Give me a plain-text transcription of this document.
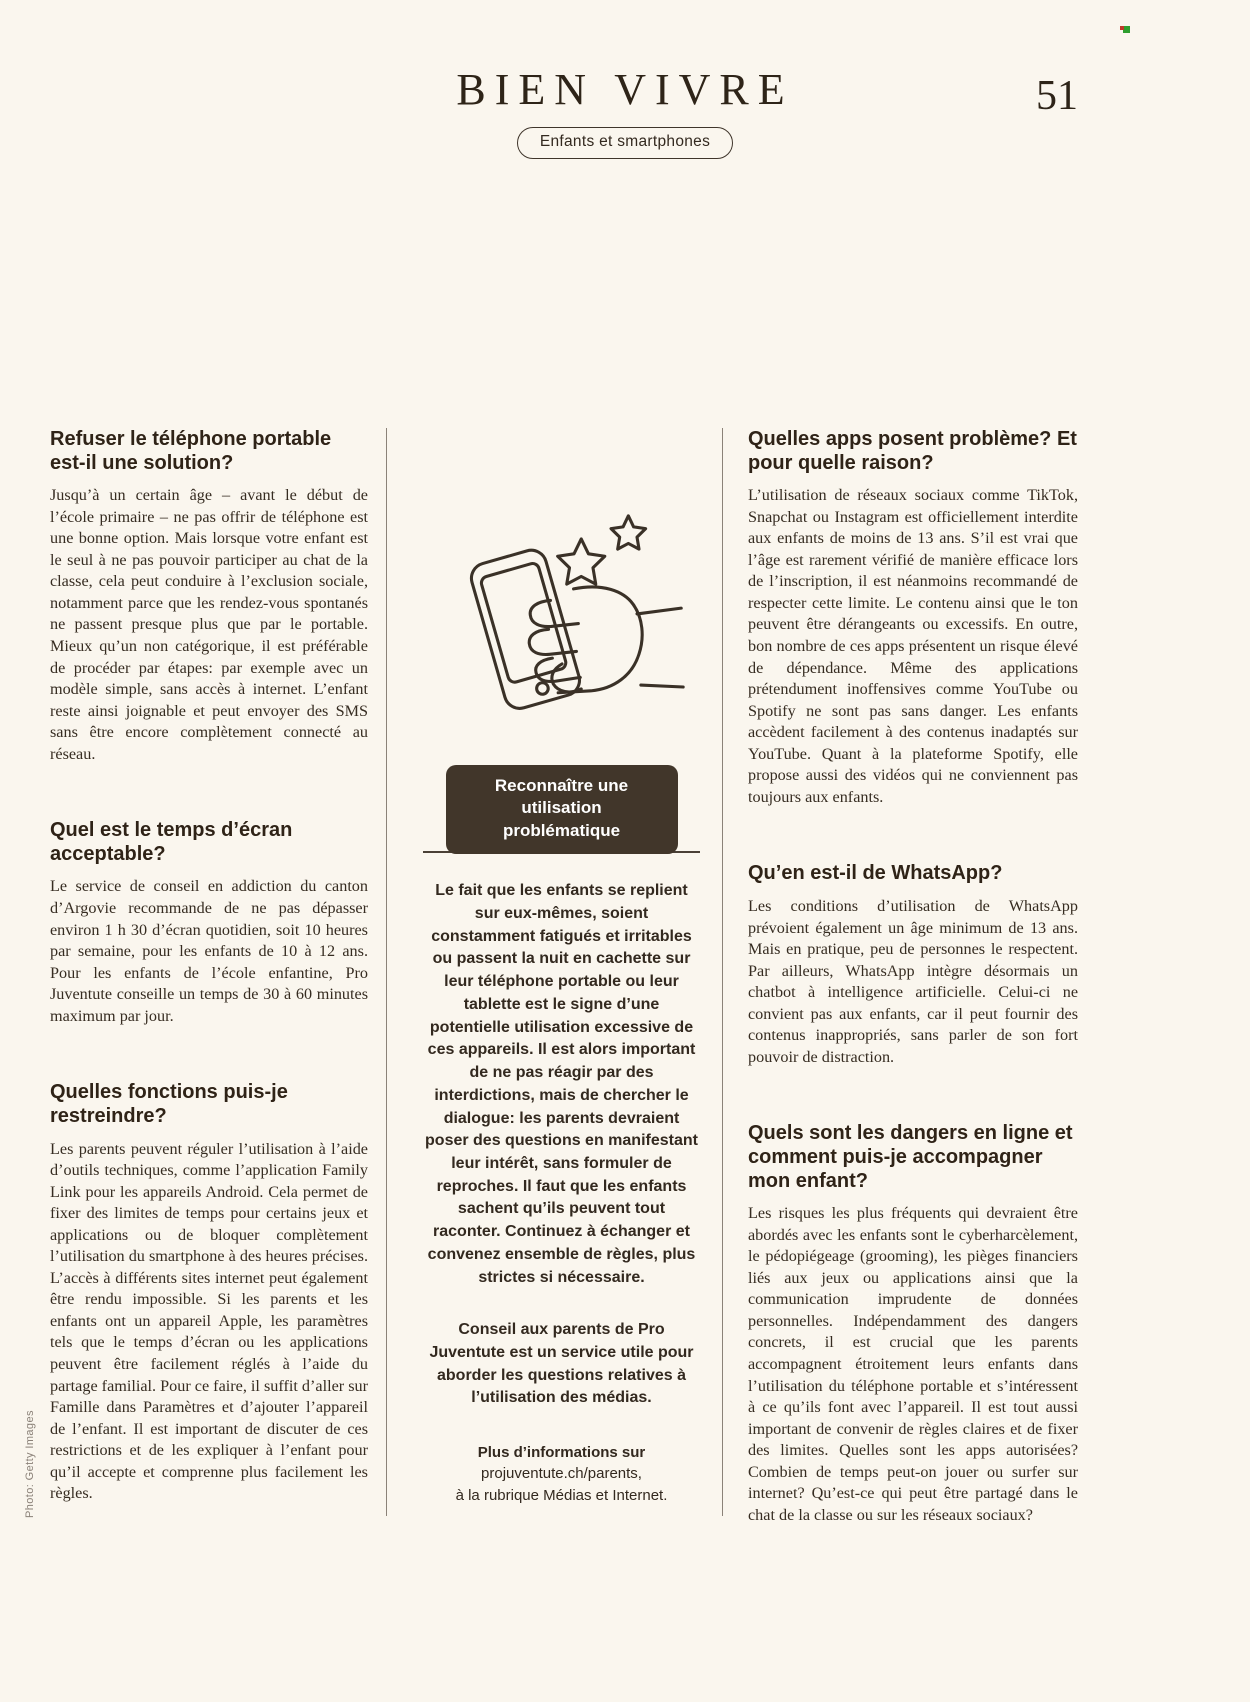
BIEN VIVRE
Enfants et smartphones
51
Photo: Getty Images
Refuser le téléphone portable est-il une solution?

Jusqu’à un certain âge – avant le début de l’école primaire – ne pas offrir de téléphone est une bonne option. Mais lorsque votre enfant est le seul à ne pas pouvoir participer au chat de la classe, cela peut conduire à l’exclusion sociale, notamment parce que les rendez-vous spontanés ne passent presque plus que par le portable. Mieux qu’un non catégorique, il est préférable de procéder par étapes: par exemple avec un modèle simple, sans accès à internet. L’enfant reste ainsi joignable et peut envoyer des SMS sans être encore complètement connecté au réseau.

Quel est le temps d’écran acceptable?

Le service de conseil en addiction du canton d’Argovie recommande de ne pas dépasser environ 1 h 30 d’écran quotidien, soit 10 heures par semaine, pour les enfants de 10 à 12 ans. Pour les enfants de l’école enfantine, Pro Juventute conseille un temps de 30 à 60 minutes maximum par jour.

Quelles fonctions puis-je restreindre?

Les parents peuvent réguler l’utilisation à l’aide d’outils techniques, comme l’application Family Link pour les appareils Android. Cela permet de fixer des limites de temps pour certains jeux et applications ou de bloquer complètement l’utilisation du smartphone à des heures précises. L’accès à différents sites internet peut également être rendu impossible. Si les parents et les enfants ont un appareil Apple, les paramètres tels que le temps d’écran ou les applications peuvent être facilement réglés à l’aide du partage familial. Pour ce faire, il suffit d’aller sur Famille dans Paramètres et d’ajouter l’appareil de l’enfant. Il est important de discuter de ces restrictions et de les expliquer à l’enfant pour qu’il accepte et comprenne plus facilement les règles.

Reconnaître une utilisation problématique

Le fait que les enfants se replient sur eux-mêmes, soient constamment fatigués et irritables ou passent la nuit en cachette sur leur téléphone portable ou leur tablette est le signe d’une potentielle utilisation excessive de ces appareils. Il est alors important de ne pas réagir par des interdictions, mais de chercher le dialogue: les parents devraient poser des questions en manifestant leur intérêt, sans formuler de reproches. Il faut que les enfants sachent qu’ils peuvent tout raconter. Continuez à échanger et convenez ensemble de règles, plus strictes si nécessaire.

Conseil aux parents de Pro Juventute est un service utile pour aborder les questions relatives à l’utilisation des médias.

Plus d’informations sur
projuventute.ch/parents,
à la rubrique Médias et Internet.
Quelles apps posent problème? Et pour quelle raison?

L’utilisation de réseaux sociaux comme TikTok, Snapchat ou Instagram est officiellement interdite aux enfants de moins de 13 ans. S’il est vrai que l’âge est rarement vérifié de manière efficace lors de l’inscription, il est néanmoins recommandé de respecter cette limite. Le contenu ainsi que le ton peuvent être dérangeants ou excessifs. En outre, bon nombre de ces apps présentent un risque élevé de dépendance. Même des applications prétendument inoffensives comme YouTube ou Spotify ne sont pas sans danger. Les enfants accèdent facilement à des contenus inadaptés sur YouTube. Quant à la plateforme Spotify, elle propose aussi des vidéos qui ne conviennent pas toujours aux enfants.

Qu’en est-il de WhatsApp?

Les conditions d’utilisation de WhatsApp prévoient également un âge minimum de 13 ans. Mais en pratique, peu de personnes le respectent. Par ailleurs, WhatsApp intègre désormais un chatbot à intelligence artificielle. Celui-ci ne convient pas aux enfants, car il peut fournir des contenus inappropriés, sans parler de son fort pouvoir de distraction.

Quels sont les dangers en ligne et comment puis-je accompagner mon enfant?

Les risques les plus fréquents qui devraient être abordés avec les enfants sont le cyberharcèlement, le pédopiégeage (grooming), les pièges financiers liés aux jeux ou applications ainsi que la communication imprudente de données personnelles. Indépendamment des dangers concrets, il est crucial que les parents accompagnent étroitement leurs enfants dans l’utilisation du téléphone portable et s’intéressent à ce qu’ils font avec l’appareil. Il est tout aussi important de convenir de règles claires et de fixer des limites. Quelles sont les apps autorisées? Combien de temps peut-on jouer ou surfer sur internet? Qu’est-ce qui peut être partagé dans le chat de la classe ou sur les réseaux sociaux?
